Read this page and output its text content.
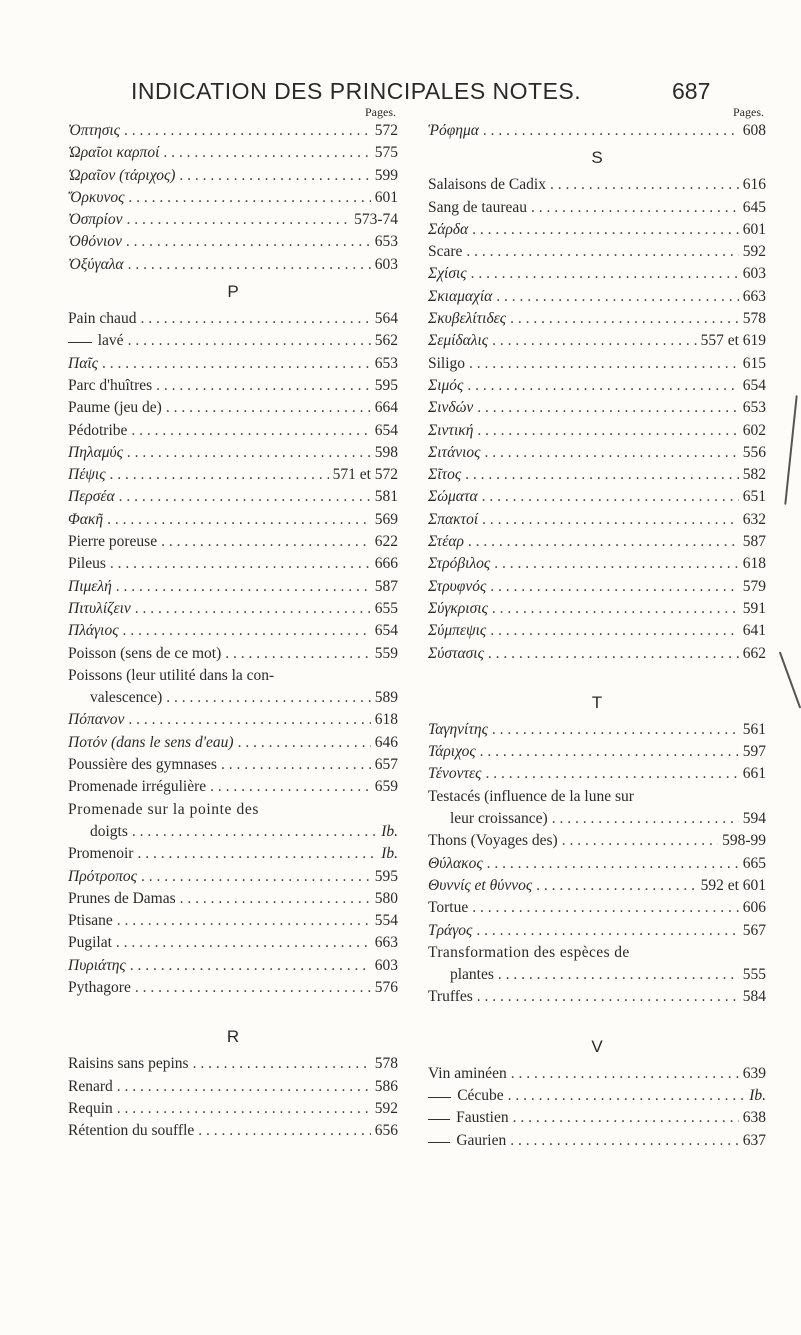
INDICATION DES PRINCIPALES NOTES.	687
Pages.
Ὀπτησις . . .	572
Ὡραῖοι καρποί . . .	575
Ὡραῖον (τάριχος) . . .	599
Ὄρκυνος . . .	601
Ὀσπρίον . . .	573-74
Ὀθόνιον . . .	653
Ὀξύγαλα . . .	603
P
Pain chaud . . .	564
lavé . . .	562
Παῖς . . .	653
Parc d'huîtres . . .	595
Paume (jeu de) . . .	664
Pédotribe . . .	654
Πηλαμύς . . .	598
Πέψις . . .	571 et 572
Περσέα . . .	581
Φακῆ . . .	569
Pierre poreuse . . .	622
Pileus . . .	666
Πιμελή . . .	587
Πιτυλίζειν . . .	655
Πλάγιος . . .	654
Poisson (sens de ce mot) . . .	559
Poissons (leur utilité dans la con-
valescence) . . .	589
Πόπανον . . .	618
Ποτόν (dans le sens d'eau) . . .	646
Poussière des gymnases . . .	657
Promenade irrégulière . . .	659
Promenade sur la pointe des
doigts . . .	Ib.
Promenoir . . .	Ib.
Πρότροπος . . .	595
Prunes de Damas . . .	580
Ptisane . . .	554
Pugilat . . .	663
Πυριάτης . . .	603
Pythagore . . .	576
R
Raisins sans pepins . . .	578
Renard . . .	586
Requin . . .	592
Rétention du souffle . . .	656
Pages.
Ῥόφημα . . .	608
S
Salaisons de Cadix . . .	616
Sang de taureau . . .	645
Σάρδα . . .	601
Scare . . .	592
Σχίσις . . .	603
Σκιαμαχία . . .	663
Σκυβελίτιδες . . .	578
Σεμίδαλις . . .	557 et 619
Siligo . . .	615
Σιμός . . .	654
Σινδών . . .	653
Σιντική . . .	602
Σιτάνιος . . .	556
Σῖτος . . .	582
Σώματα . . .	651
Σπακτοί . . .	632
Στέαρ . . .	587
Στρόβιλος . . .	618
Στρυφνός . . .	579
Σύγκρισις . . .	591
Σύμπεψις . . .	641
Σύστασις . . .	662
T
Ταγηνίτης . . .	561
Τάριχος . . .	597
Τένοντες . . .	661
Testacés (influence de la lune sur
leur croissance) . . .	594
Thons (Voyages des) . . .	598-99
Θύλακος . . .	665
Θυννίς et θύννος . . .	592 et 601
Tortue . . .	606
Τράγος . . .	567
Transformation des espèces de
plantes . . .	555
Truffes . . .	584
V
Vin aminéen . . .	639
Cécube . . .	Ib.
Faustien . . .	638
Gaurien . . .	637
